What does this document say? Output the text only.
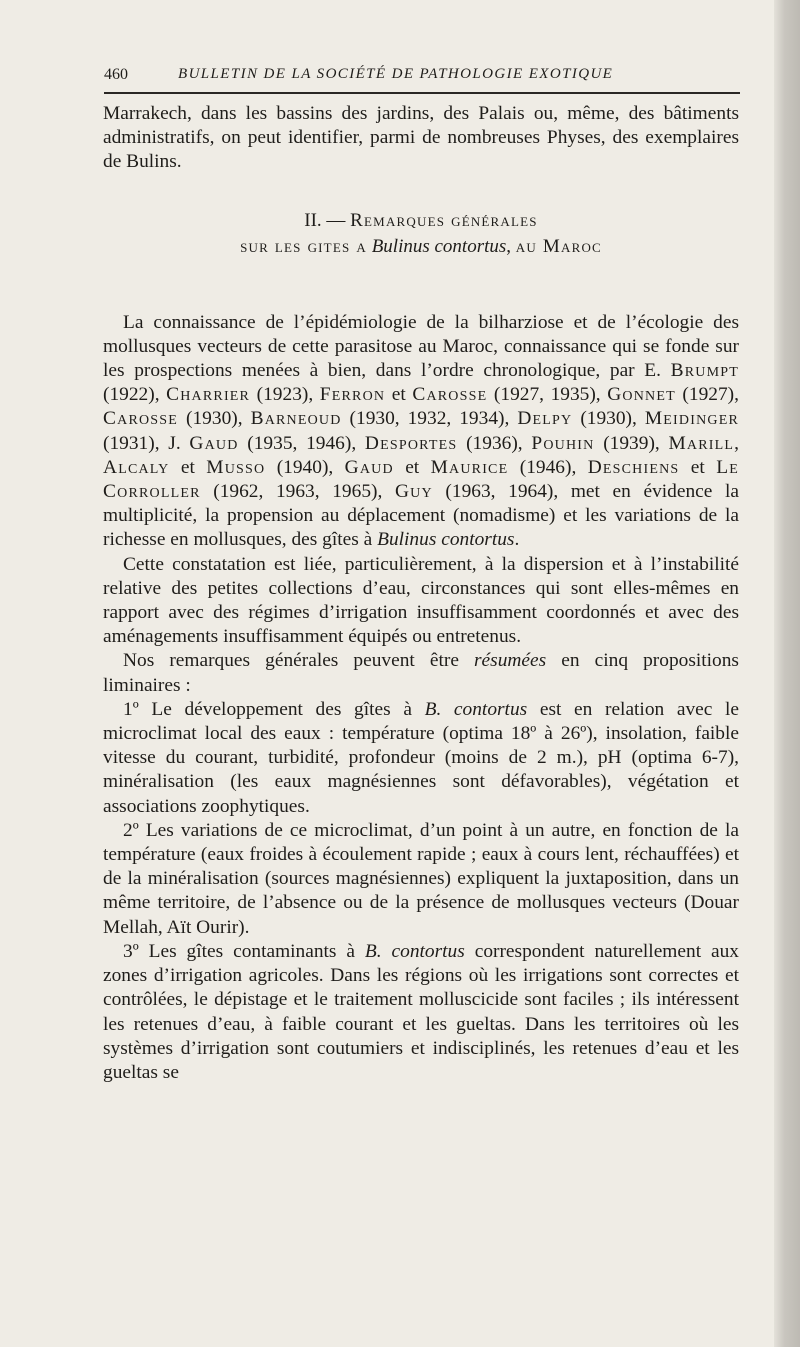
460	BULLETIN DE LA SOCIÉTÉ DE PATHOLOGIE EXOTIQUE

Marrakech, dans les bassins des jardins, des Palais ou, même, des bâtiments administratifs, on peut identifier, parmi de nombreuses Physes, des exemplaires de Bulins.

II. — Remarques générales
sur les gites a Bulinus contortus, au Maroc

La connaissance de l’épidémiologie de la bilharziose et de l’écologie des mollusques vecteurs de cette parasitose au Maroc, connaissance qui se fonde sur les prospections menées à bien, dans l’ordre chronologique, par E. Brumpt (1922), Charrier (1923), Ferron et Carosse (1927, 1935), Gonnet (1927), Carosse (1930), Barneoud (1930, 1932, 1934), Delpy (1930), Meidinger (1931), J. Gaud (1935, 1946), Desportes (1936), Pouhin (1939), Marill, Alcaly et Musso (1940), Gaud et Maurice (1946), Deschiens et Le Corroller (1962, 1963, 1965), Guy (1963, 1964), met en évidence la multiplicité, la propension au déplacement (nomadisme) et les variations de la richesse en mollusques, des gîtes à Bulinus contortus.

Cette constatation est liée, particulièrement, à la dispersion et à l’instabilité relative des petites collections d’eau, circonstances qui sont elles-mêmes en rapport avec des régimes d’irrigation insuffisamment coordonnés et avec des aménagements insuffisamment équipés ou entretenus.

Nos remarques générales peuvent être résumées en cinq propositions liminaires :

1º Le développement des gîtes à B. contortus est en relation avec le microclimat local des eaux : température (optima 18º à 26º), insolation, faible vitesse du courant, turbidité, profondeur (moins de 2 m.), pH (optima 6-7), minéralisation (les eaux magnésiennes sont défavorables), végétation et associations zoophytiques.

2º Les variations de ce microclimat, d’un point à un autre, en fonction de la température (eaux froides à écoulement rapide ; eaux à cours lent, réchauffées) et de la minéralisation (sources magnésiennes) expliquent la juxtaposition, dans un même territoire, de l’absence ou de la présence de mollusques vecteurs (Douar Mellah, Aït Ourir).

3º Les gîtes contaminants à B. contortus correspondent naturellement aux zones d’irrigation agricoles. Dans les régions où les irrigations sont correctes et contrôlées, le dépistage et le traitement molluscicide sont faciles ; ils intéressent les retenues d’eau, à faible courant et les gueltas. Dans les territoires où les systèmes d’irrigation sont coutumiers et indisciplinés, les retenues d’eau et les gueltas se
